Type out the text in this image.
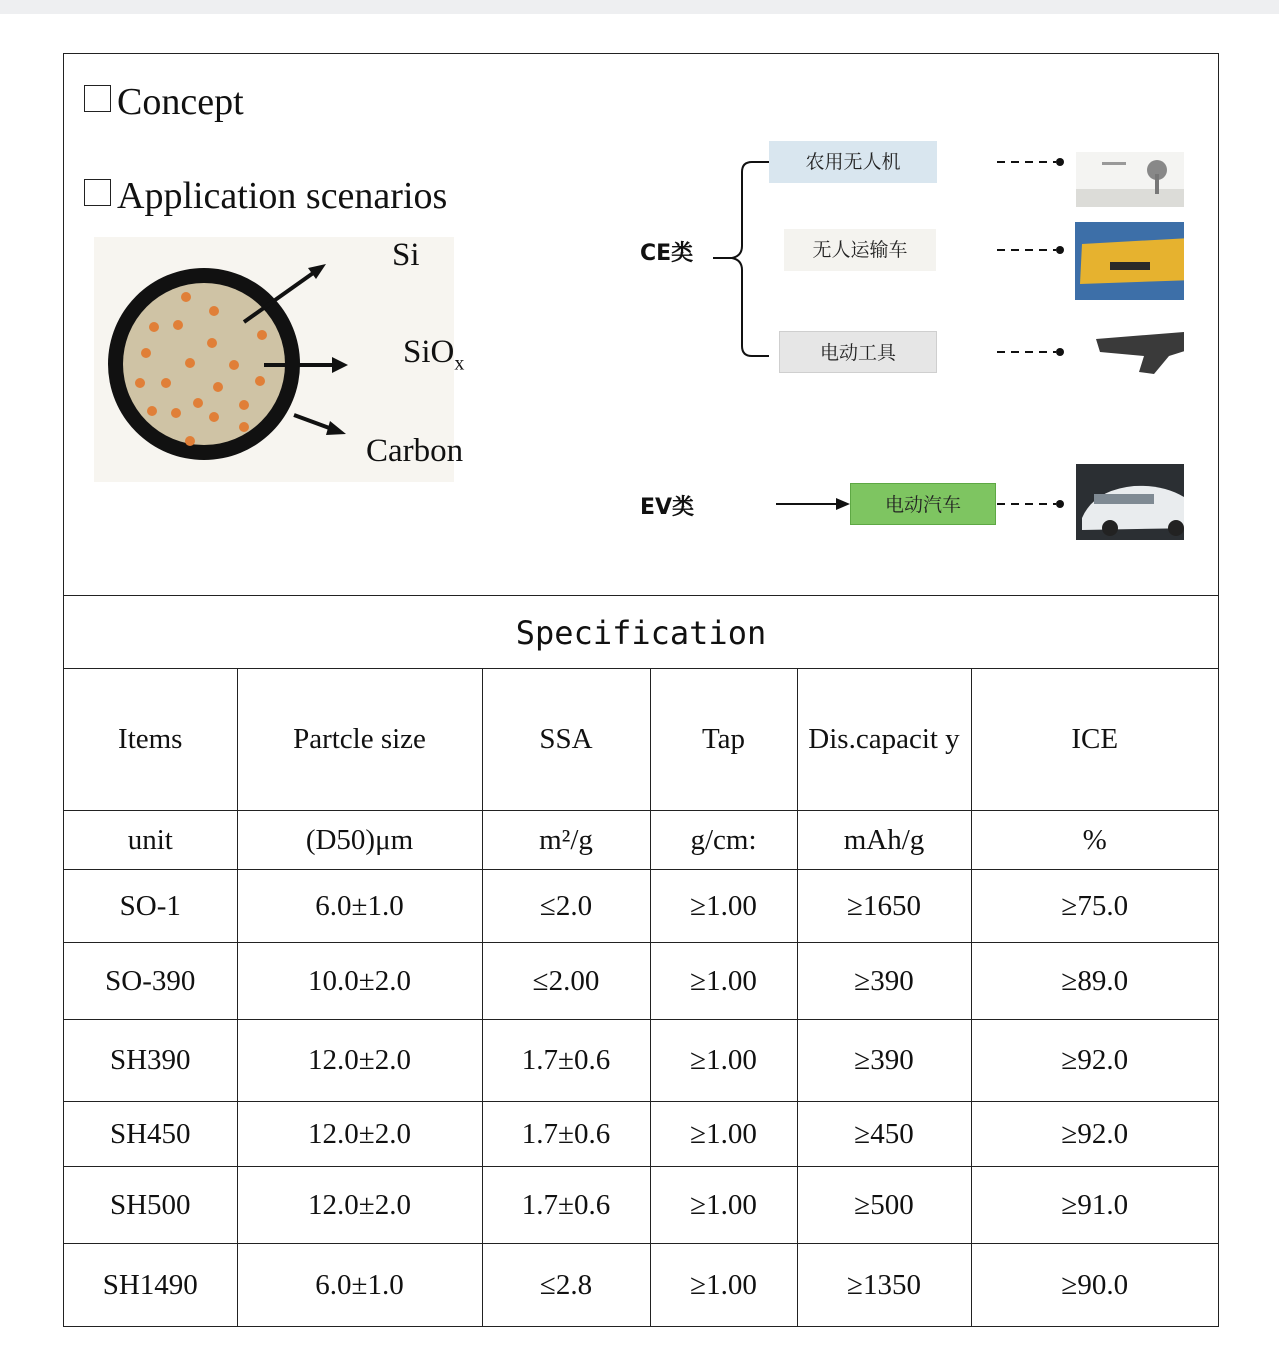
Concept
Application scenarios
Si
SiO$_x$
Carbon
CE类
EV类
农用无人机
无人运输车
电动工具
电动汽车
Specification
Items	Partcle size	SSA	Tap	Dis.capacit y	ICE
unit	(D50)μm	m²/g	g/cm:	mAh/g	%
SO-1	6.0±1.0	≤2.0	≥1.00	≥1650	≥75.0
SO-390	10.0±2.0	≤2.00	≥1.00	≥390	≥89.0
SH390	12.0±2.0	1.7±0.6	≥1.00	≥390	≥92.0
SH450	12.0±2.0	1.7±0.6	≥1.00	≥450	≥92.0
SH500	12.0±2.0	1.7±0.6	≥1.00	≥500	≥91.0
SH1490	6.0±1.0	≤2.8	≥1.00	≥1350	≥90.0
